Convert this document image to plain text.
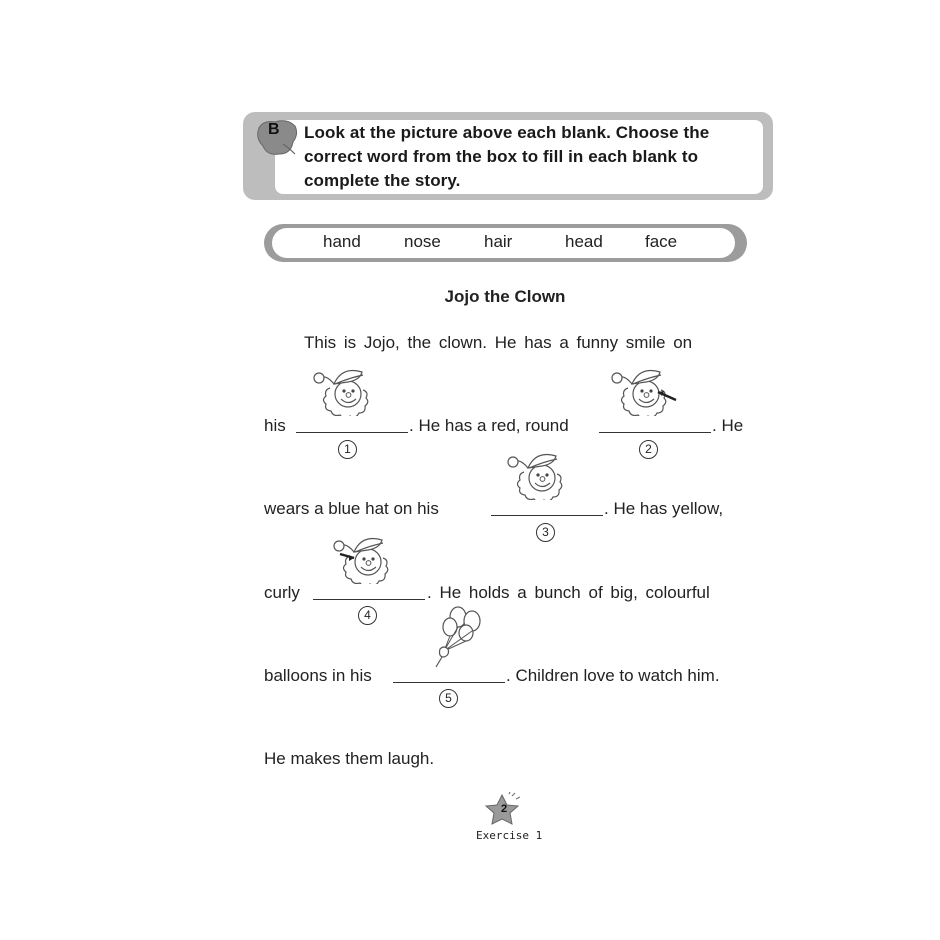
B Look at the picture above each blank. Choose the correct word from the box to fill in each blank to complete the story.
hand	nose	hair	head face
Jojo the Clown
This is Jojo, the clown. He has a funny smile on
his	. He has a red, round	. He
1	2
wears a blue hat on his	. He has yellow,
3
curly	. He holds a bunch of big, colourful
4
balloons in his	. Children love to watch him.
5
He makes them laugh.
2
Exercise 1
